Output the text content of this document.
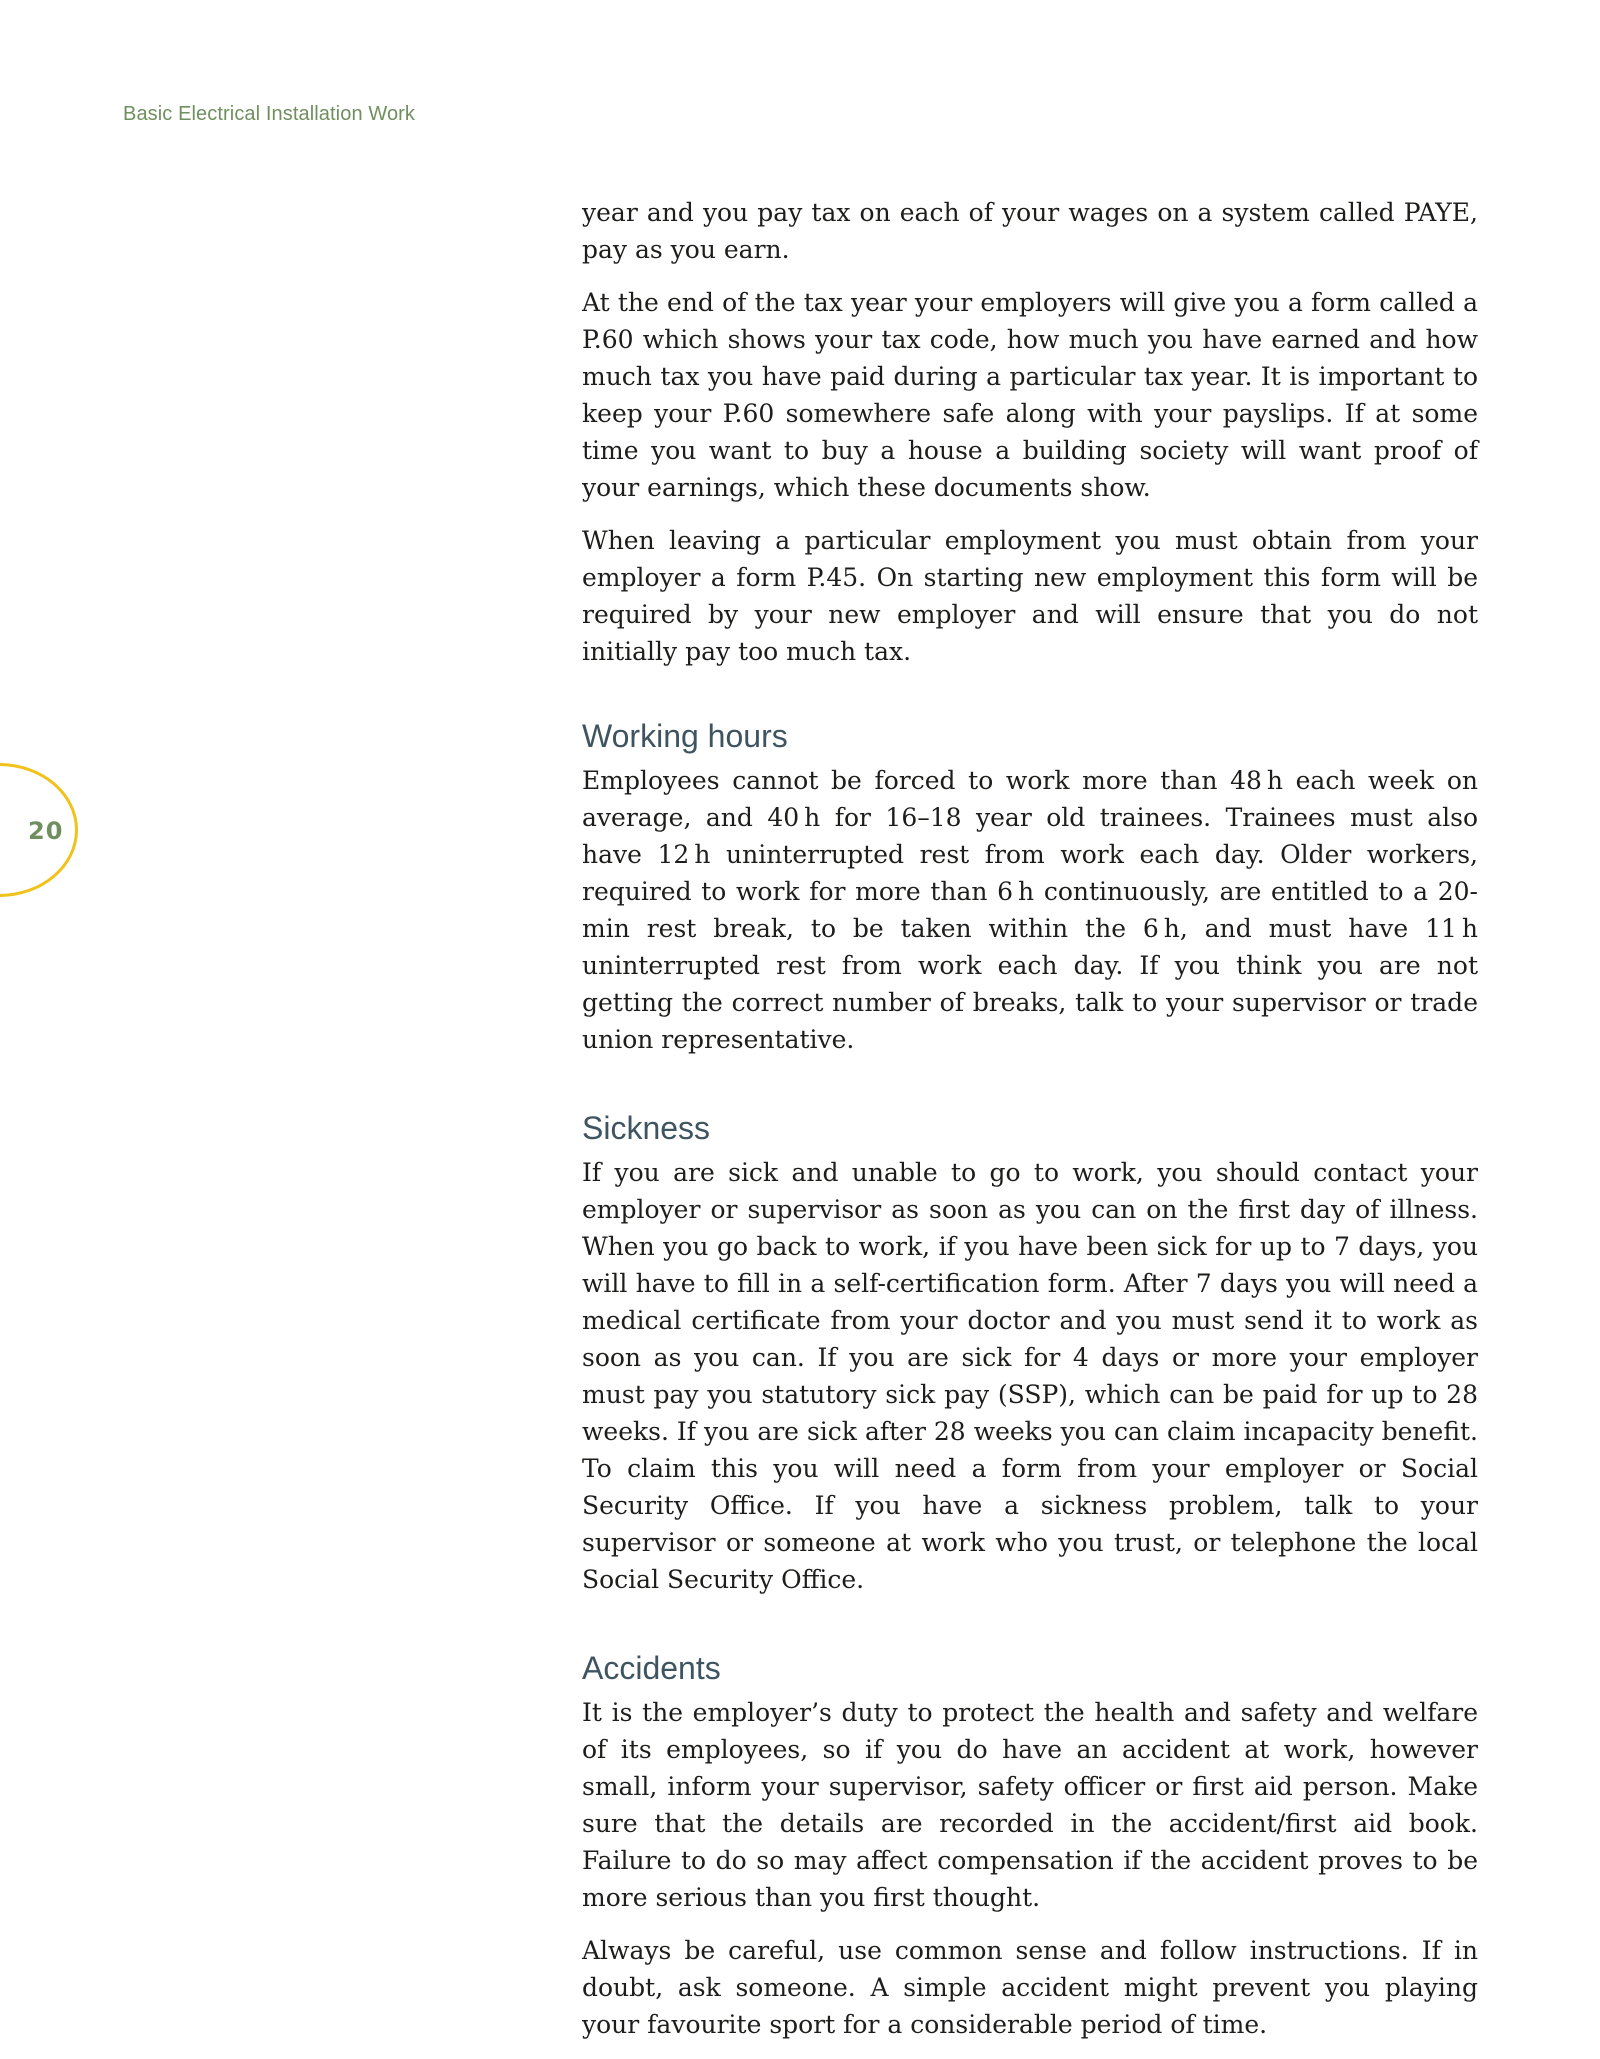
Basic Electrical Installation Work
20

year and you pay tax on each of your wages on a system called PAYE, pay as you earn.

At the end of the tax year your employers will give you a form called a P.60 which shows your tax code, how much you have earned and how much tax you have paid during a particular tax year. It is important to keep your P.60 somewhere safe along with your payslips. If at some time you want to buy a house a building society will want proof of your earnings, which these documents show.

When leaving a particular employment you must obtain from your employer a form P.45. On starting new employment this form will be required by your new employer and will ensure that you do not initially pay too much tax.

Working hours

Employees cannot be forced to work more than 48 h each week on average, and 40 h for 16–18 year old trainees. Trainees must also have 12 h uninterrupted rest from work each day. Older workers, required to work for more than 6 h continuously, are entitled to a 20-min rest break, to be taken within the 6 h, and must have 11 h uninterrupted rest from work each day. If you think you are not getting the correct number of breaks, talk to your supervisor or trade union representative.

Sickness

If you are sick and unable to go to work, you should contact your employer or supervisor as soon as you can on the first day of illness. When you go back to work, if you have been sick for up to 7 days, you will have to fill in a self-certification form. After 7 days you will need a medical certificate from your doctor and you must send it to work as soon as you can. If you are sick for 4 days or more your employer must pay you statutory sick pay (SSP), which can be paid for up to 28 weeks. If you are sick after 28 weeks you can claim incapacity benefit. To claim this you will need a form from your employer or Social Security Office. If you have a sickness problem, talk to your supervisor or someone at work who you trust, or telephone the local Social Security Office.

Accidents

It is the employer’s duty to protect the health and safety and welfare of its employees, so if you do have an accident at work, however small, inform your supervisor, safety officer or first aid person. Make sure that the details are recorded in the accident/first aid book. Failure to do so may affect compensation if the accident proves to be more serious than you first thought.

Always be careful, use common sense and follow instructions. If in doubt, ask someone. A simple accident might prevent you playing your favourite sport for a considerable period of time.
